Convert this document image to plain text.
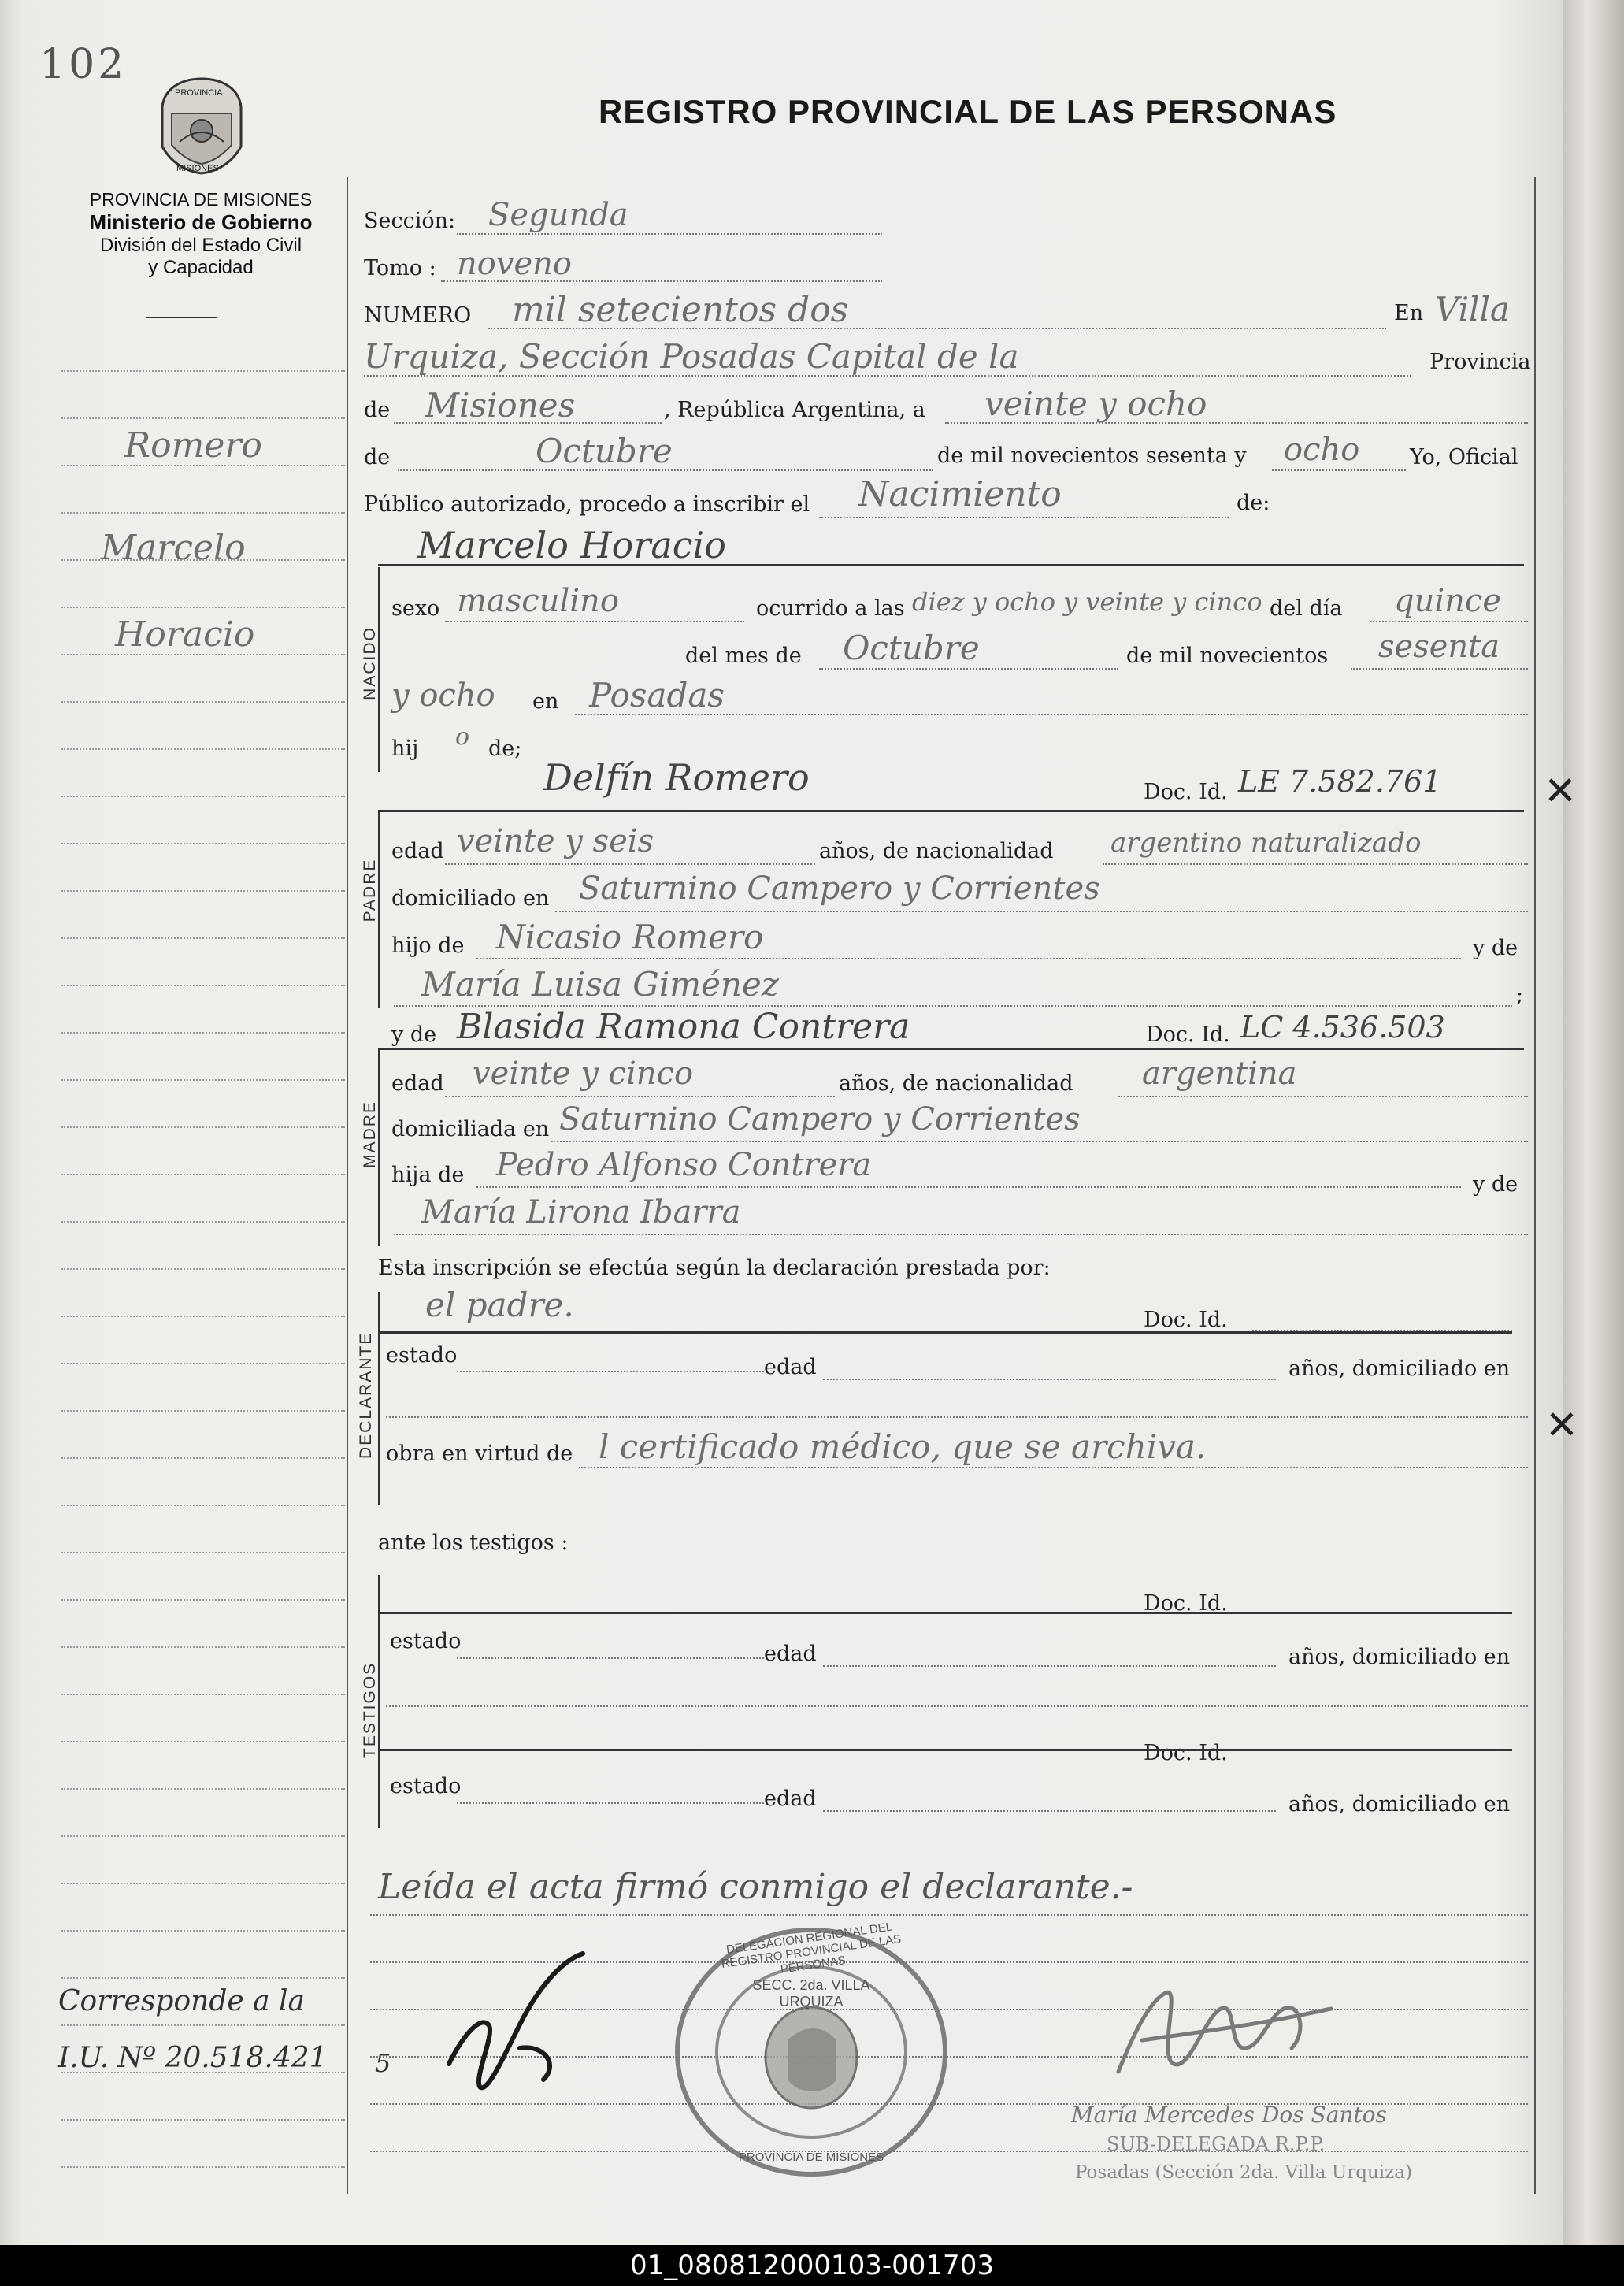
102
REGISTRO PROVINCIAL DE LAS PERSONAS
PROVINCIA
MISIONES
PROVINCIA DE MISIONES
Ministerio de Gobierno
División del Estado Civil
y Capacidad
Romero
Marcelo
Horacio
Corresponde a la
I.U. Nº 20.518.421 5
Sección: Segunda
Tomo : noveno
NUMERO mil setecientos dos	En Villa
Urquiza, Sección Posadas Capital de la	Provincia
de Misiones	, República Argentina, a veinte y ocho
de	Octubre	de mil novecientos sesenta y ocho Yo, Oficial
Público autorizado, procedo a inscribir el Nacimiento	de:
Marcelo Horacio
NACIDO
sexo masculino	ocurrido a las diez y ocho y veinte y cinco del día quince
del mes de Octubre	de mil novecientos sesenta
y ocho en Posadas
hij o de;
Delfín Romero	Doc. Id. LE 7.582.761
PADRE
edad veinte y seis	años, de nacionalidad argentino naturalizado
domiciliado en Saturnino Campero y Corrientes
hijo de Nicasio Romero	y de
María Luisa Giménez	;
y de Blasida Ramona Contrera	Doc. Id. LC 4.536.503
MADRE
edad veinte y cinco	años, de nacionalidad argentina
domiciliada en Saturnino Campero y Corrientes
hija de Pedro Alfonso Contrera
y de
María Lirona Ibarra
Esta inscripción se efectúa según la declaración prestada por:
DECLARANTE
el padre.	Doc. Id.
estado	edad	años, domiciliado en
obra en virtud de l certificado médico, que se archiva.
ante los testigos :
TESTIGOS
Doc. Id.
estado
edad	años, domiciliado en
Doc. Id.
estado
edad	años, domiciliado en
Leída el acta firmó conmigo el declarante.-
DELEGACION REGIONAL DEL REGISTRO PROVINCIAL DE LAS PERSONAS
SECC. 2da. VILLA URQUIZA
PROVINCIA DE MISIONES
María Mercedes Dos Santos
SUB-DELEGADA R.P.P.
Posadas (Sección 2da. Villa Urquiza)
✕
✕
01_080812000103-001703
